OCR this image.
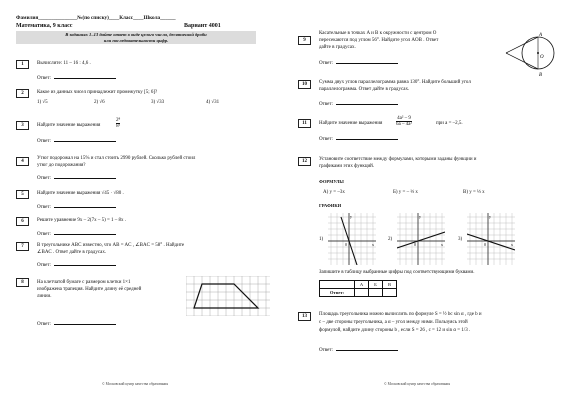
Фамилия_______________№(по списку)____Класс____Школа______
Математика, 9 класс	Вариант 4001
В заданиях 1–13 дайте ответ в виде целого числа, десятичной дроби
или последовательности цифр.
1	Вычислите: 11 – 16 : 4,6 .
Ответ:
2	Какое из данных чисел принадлежит промежутку [5; 6]?
1) √5	2) √6	3) √33	4) √31
3	Найдите значение выражения	$\frac{\text{2⁸}}{\text{8²}}$
Ответ:
4
Утюг подорожал на 15% и стал стоить 2990 рублей. Сколько рублей стоил
утюг до подорожания?
Ответ:
5	Найдите значение выражения √45 · √80 .
Ответ:
6	Решите уравнение 9x – 2(7x – 5) = 1 – 8x .
Ответ:
7	В треугольнике ABC известно, что AB = AC , ∠BAC = 58° . Найдите
∠BAC . Ответ дайте в градусах.
Ответ:
8	На клетчатой бумаге с размером клетки 1×1
изображена трапеция. Найдите длину её средней
линии.
Ответ:
© Московский центр качества образования
9
Касательные в точках A и B к окружности с центром O
пересекаются под углом 56°. Найдите угол AOB . Ответ
дайте в градусах.
A
B
O
Ответ:
10	Сумма двух углов параллелограмма равна 130°. Найдите больший угол
параллелограмма. Ответ дайте в градусах.
Ответ:
11	Найдите значение выражения	$\frac{\text{4a² – 9}}{\text{6a – 4a²}}$	при a = –2,5.
Ответ:
12	Установите соответствие между формулами, которыми заданы функции и
графиками этих функций.
ФОРМУЛЫ
А) y = –3x	Б) y = – ⅓ x	В) y = ⅓ x
ГРАФИКИ
1)
y
x
0
2)
y
x
0
3)
y
x
0
Запишите в таблицу выбранные цифры под соответствующими буквами.
	А	Б	В
Ответ:			
13	Площадь треугольника можно вычислить по формуле S = ½ bc sin α , где b и
c – две стороны треугольника, а α – угол между ними. Пользуясь этой
формулой, найдите длину стороны b , если S = 26 , c = 12 и sin α = 1/3 .
Ответ:
© Московский центр качества образования
